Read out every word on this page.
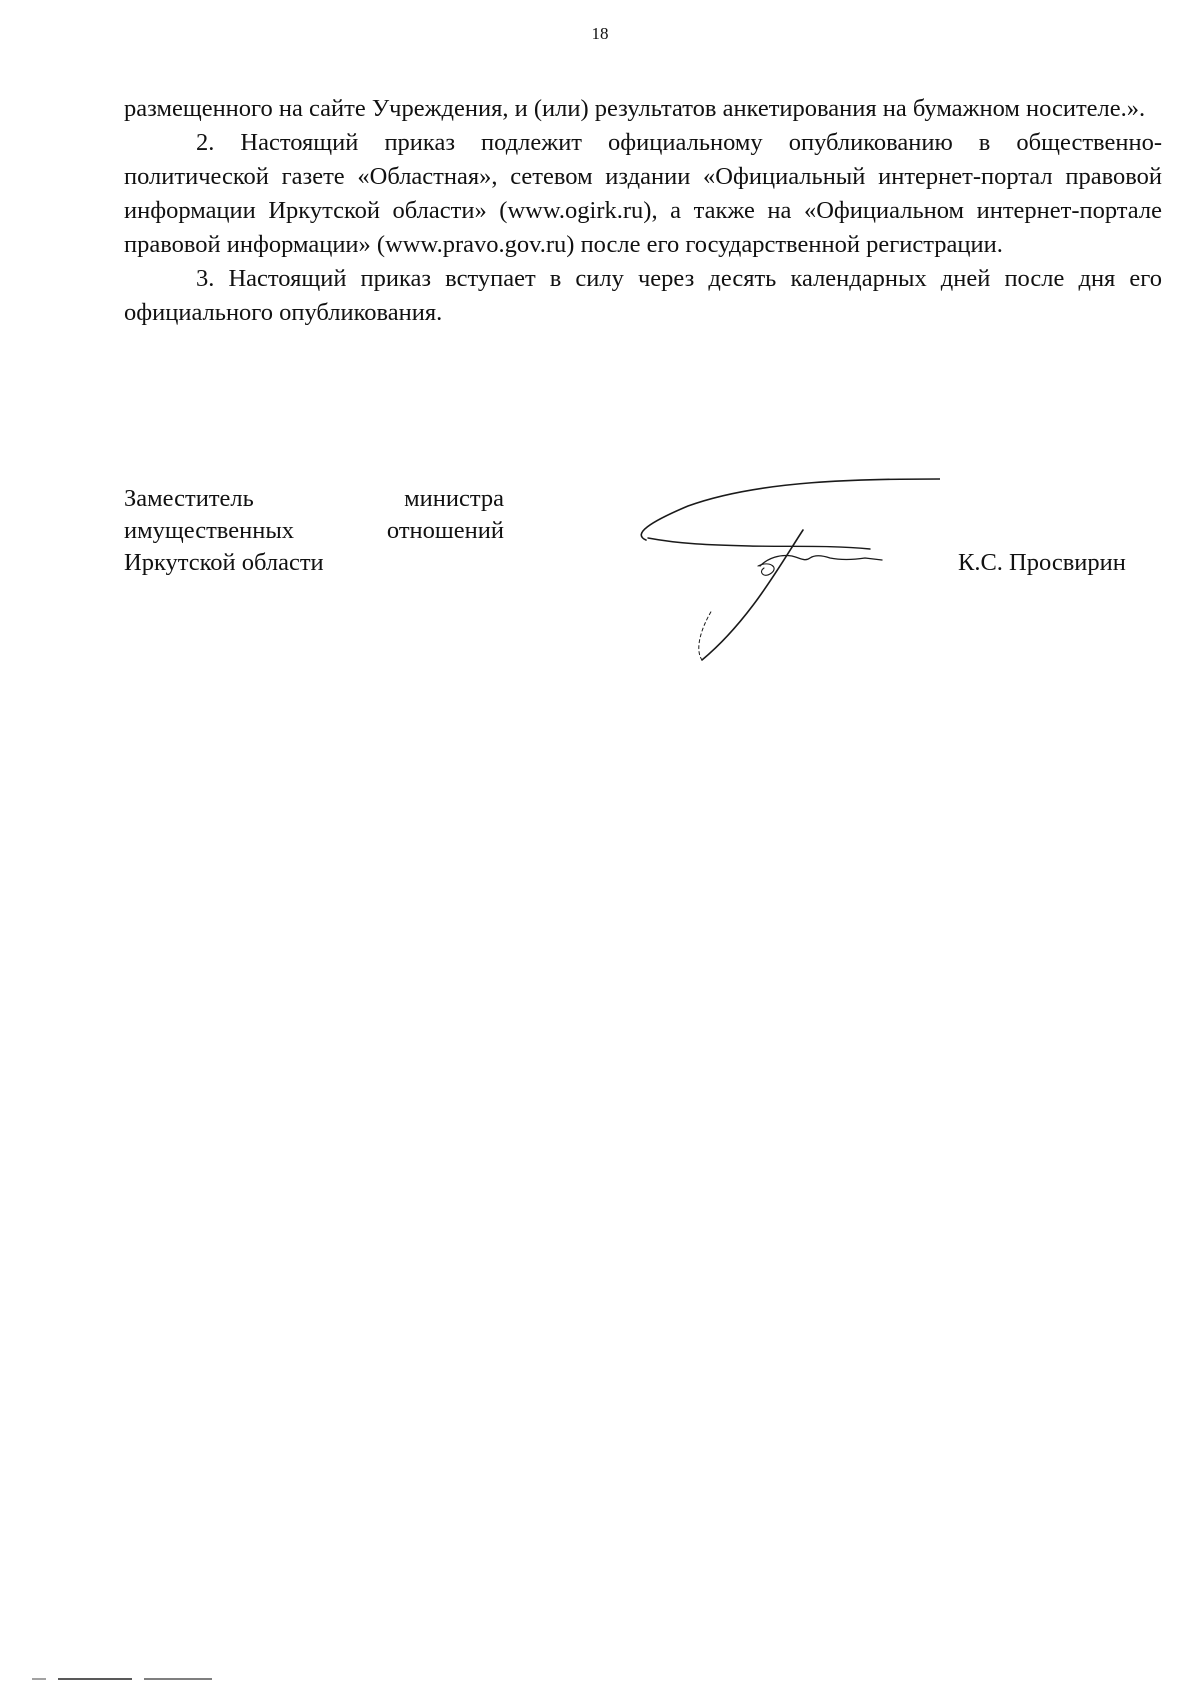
18

размещенного на сайте Учреждения, и (или) результатов анкетирования на бумажном носителе.».

2. Настоящий приказ подлежит официальному опубликованию в общественно-политической газете «Областная», сетевом издании «Официальный интернет-портал правовой информации Иркутской области» (www.ogirk.ru), а также на «Официальном интернет-портале правовой информации» (www.pravo.gov.ru) после его государственной регистрации.

3. Настоящий приказ вступает в силу через десять календарных дней после дня его официального опубликования.

Заместитель	министра
имущественных	отношений
Иркутской области	К.С. Просвирин
